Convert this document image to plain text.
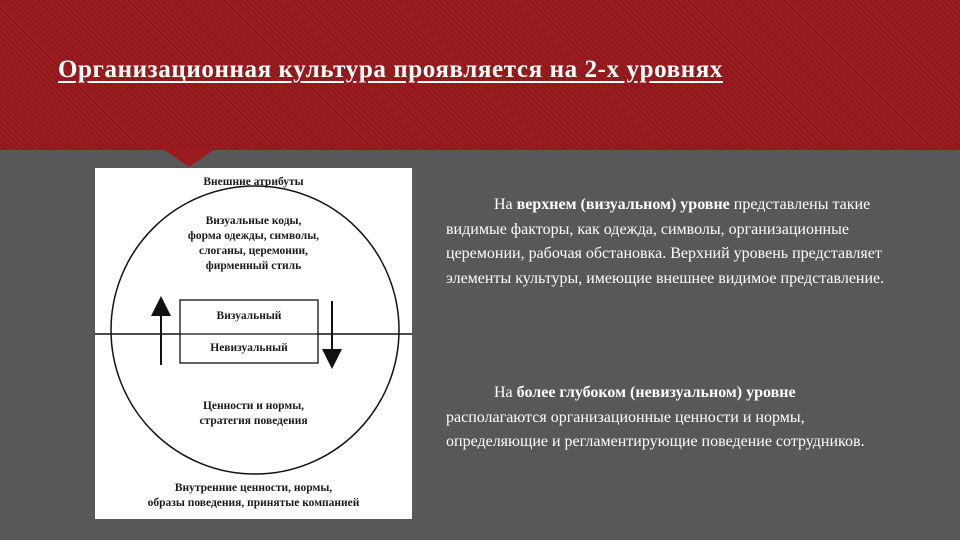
Организационная культура проявляется на 2-х уровнях
Внешние атрибуты
Визуальные коды,
форма одежды, символы,
слоганы, церемонии,
фирменный стиль
Визуальный
Невизуальный
Ценности и нормы,
стратегия поведения
Внутренние ценности, нормы,
образы поведения, принятые компанией

На верхнем (визуальном) уровне представлены такие видимые факторы, как одежда, символы, организационные церемонии, рабочая обстановка. Верхний уровень представляет элементы культуры, имеющие внешнее видимое представление.

На более глубоком (невизуальном) уровне располагаются организационные ценности и нормы, определяющие и регламентирующие поведение сотрудников.
